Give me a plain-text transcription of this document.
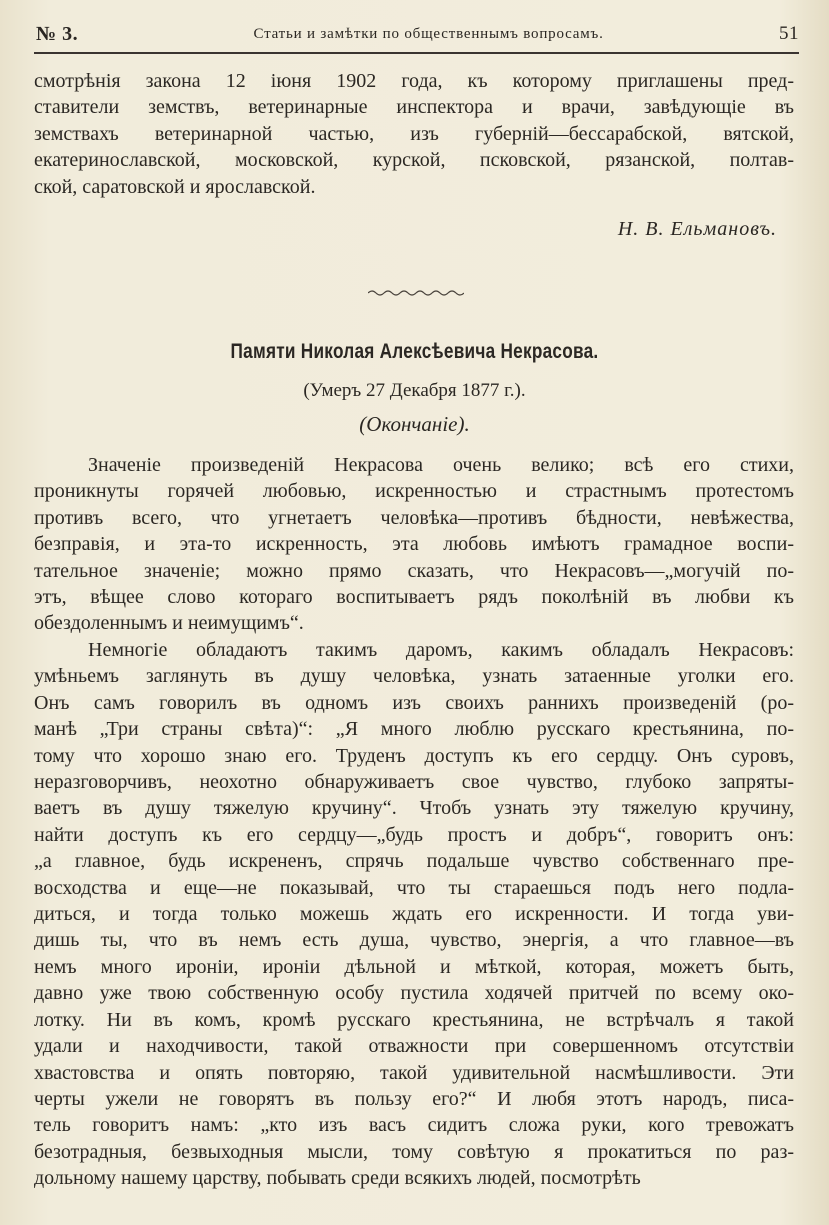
№ 3.	Статьи и замѣтки по общественнымъ вопросамъ.	51
смотрѣнія закона 12 іюня 1902 года, къ которому приглашены пред-
ставители земствъ, ветеринарные инспектора и врачи, завѣдующіе въ
земствахъ ветеринарной частью, изъ губерній—бессарабской, вятской,
екатеринославской, московской, курской, псковской, рязанской, полтав-
ской, саратовской и ярославской.
Н. В. Ельмановъ.
Памяти Николая Алексѣевича Некрасова.
(Умеръ 27 Декабря 1877 г.).
(Окончаніе).
Значеніе произведеній Некрасова очень велико; всѣ его стихи,
проникнуты горячей любовью, искренностью и страстнымъ протестомъ
противъ всего, что угнетаетъ человѣка—противъ бѣдности, невѣжества,
безправія, и эта-то искренность, эта любовь имѣютъ грамадное воспи-
тательное значеніе; можно прямо сказать, что Некрасовъ—„могучій по-
этъ, вѣщее слово котораго воспитываетъ рядъ поколѣній въ любви къ
обездоленнымъ и неимущимъ“.
Немногіе обладаютъ такимъ даромъ, какимъ обладалъ Некрасовъ:
умѣньемъ заглянуть въ душу человѣка, узнать затаенные уголки его.
Онъ самъ говорилъ въ одномъ изъ своихъ раннихъ произведеній (ро-
манѣ „Три страны свѣта)“: „Я много люблю русскаго крестьянина, по-
тому что хорошо знаю его. Труденъ доступъ къ его сердцу. Онъ суровъ,
неразговорчивъ, неохотно обнаруживаетъ свое чувство, глубоко запряты-
ваетъ въ душу тяжелую кручину“. Чтобъ узнать эту тяжелую кручину,
найти доступъ къ его сердцу—„будь простъ и добръ“, говоритъ онъ:
„а главное, будь искрененъ, спрячь подальше чувство собственнаго пре-
восходства и еще—не показывай, что ты стараешься подъ него подла-
диться, и тогда только можешь ждать его искренности. И тогда уви-
дишь ты, что въ немъ есть душа, чувство, энергія, а что главное—въ
немъ много ироніи, ироніи дѣльной и мѣткой, которая, можетъ быть,
давно уже твою собственную особу пустила ходячей притчей по всему око-
лотку. Ни въ комъ, кромѣ русскаго крестьянина, не встрѣчалъ я такой
удали и находчивости, такой отважности при совершенномъ отсутствіи
хвастовства и опять повторяю, такой удивительной насмѣшливости. Эти
черты ужели не говорятъ въ пользу его?“ И любя этотъ народъ, писа-
тель говоритъ намъ: „кто изъ васъ сидитъ сложа руки, кого тревожатъ
безотрадныя, безвыходныя мысли, тому совѣтую я прокатиться по раз-
дольному нашему царству, побывать среди всякихъ людей, посмотрѣть
